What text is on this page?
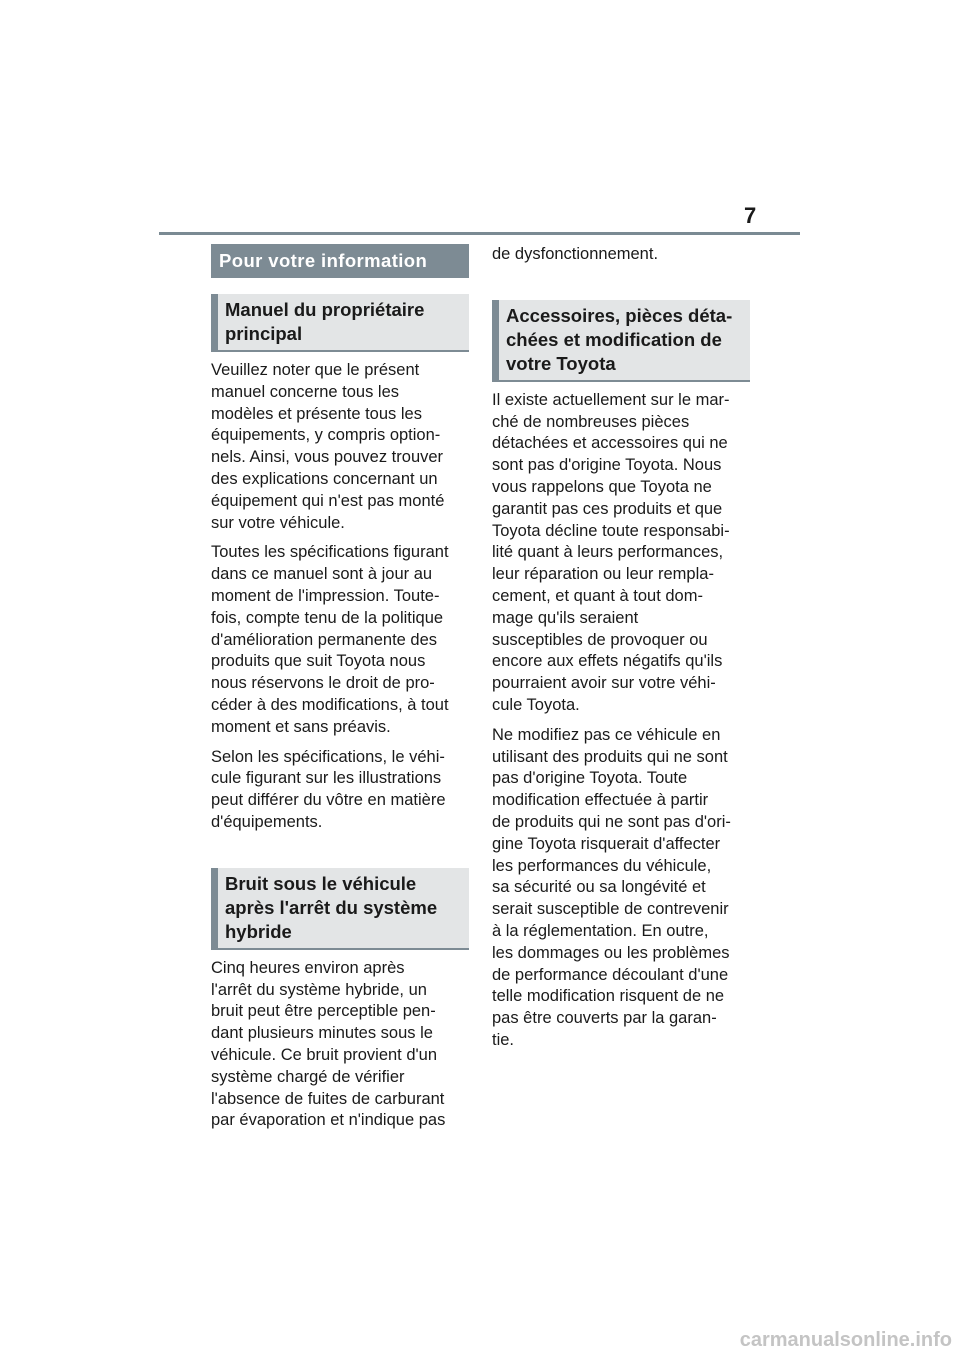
7
Pour votre information
Manuel du propriétaire
principal

Veuillez noter que le présent
manuel concerne tous les
modèles et présente tous les
équipements, y compris option-
nels. Ainsi, vous pouvez trouver
des explications concernant un
équipement qui n'est pas monté
sur votre véhicule.

Toutes les spécifications figurant
dans ce manuel sont à jour au
moment de l'impression. Toute-
fois, compte tenu de la politique
d'amélioration permanente des
produits que suit Toyota nous
nous réservons le droit de pro-
céder à des modifications, à tout
moment et sans préavis.

Selon les spécifications, le véhi-
cule figurant sur les illustrations
peut différer du vôtre en matière
d'équipements.

Bruit sous le véhicule
après l'arrêt du système
hybride

Cinq heures environ après
l'arrêt du système hybride, un
bruit peut être perceptible pen-
dant plusieurs minutes sous le
véhicule. Ce bruit provient d'un
système chargé de vérifier
l'absence de fuites de carburant
par évaporation et n'indique pas

de dysfonctionnement.

Accessoires, pièces déta-
chées et modification de
votre Toyota

Il existe actuellement sur le mar-
ché de nombreuses pièces
détachées et accessoires qui ne
sont pas d'origine Toyota. Nous
vous rappelons que Toyota ne
garantit pas ces produits et que
Toyota décline toute responsabi-
lité quant à leurs performances,
leur réparation ou leur rempla-
cement, et quant à tout dom-
mage qu'ils seraient
susceptibles de provoquer ou
encore aux effets négatifs qu'ils
pourraient avoir sur votre véhi-
cule Toyota.

Ne modifiez pas ce véhicule en
utilisant des produits qui ne sont
pas d'origine Toyota. Toute
modification effectuée à partir
de produits qui ne sont pas d'ori-
gine Toyota risquerait d'affecter
les performances du véhicule,
sa sécurité ou sa longévité et
serait susceptible de contrevenir
à la réglementation. En outre,
les dommages ou les problèmes
de performance découlant d'une
telle modification risquent de ne
pas être couverts par la garan-
tie.

carmanualsonline.info
